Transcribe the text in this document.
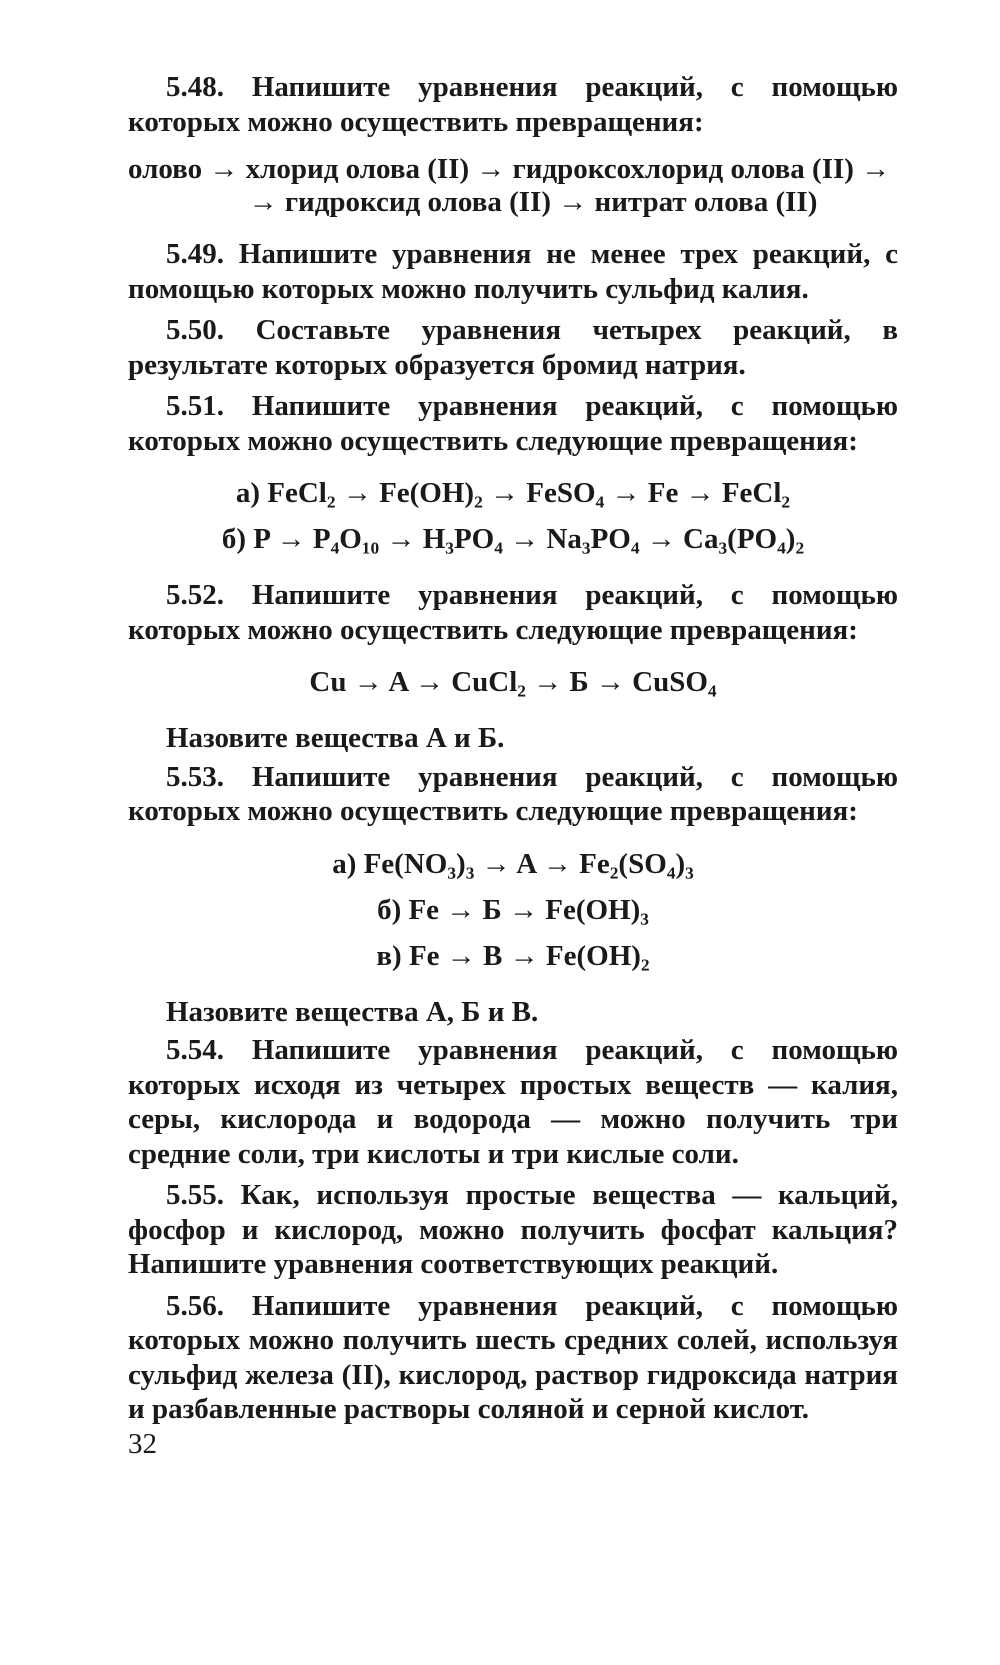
5.48. Напишите уравнения реакций, с помощью которых можно осуществить превращения:

олово → хлорид олова (II) → гидроксохлорид олова (II) →
→ гидроксид олова (II) → нитрат олова (II)

5.49. Напишите уравнения не менее трех реакций, с помощью которых можно получить сульфид калия.

5.50. Составьте уравнения четырех реакций, в результате которых образуется бромид натрия.

5.51. Напишите уравнения реакций, с помощью которых можно осуществить следующие превращения:

а) FeCl₂ → Fe(OH)₂ → FeSO₄ → Fe → FeCl₂

б) P → P₄O₁₀ → H₃PO₄ → Na₃PO₄ → Ca₃(PO₄)₂

5.52. Напишите уравнения реакций, с помощью которых можно осуществить следующие превращения:

Cu → A → CuCl₂ → Б → CuSO₄

Назовите вещества А и Б.

5.53. Напишите уравнения реакций, с помощью которых можно осуществить следующие превращения:

а) Fe(NO₃)₃ → A → Fe₂(SO₄)₃

б) Fe → Б → Fe(OH)₃

в) Fe → B → Fe(OH)₂

Назовите вещества А, Б и В.

5.54. Напишите уравнения реакций, с помощью которых исходя из четырех простых веществ — калия, серы, кислорода и водорода — можно получить три средние соли, три кислоты и три кислые соли.

5.55. Как, используя простые вещества — кальций, фосфор и кислород, можно получить фосфат кальция? Напишите уравнения соответствующих реакций.

5.56. Напишите уравнения реакций, с помощью которых можно получить шесть средних солей, используя сульфид железа (II), кислород, раствор гидроксида натрия и разбавленные растворы соляной и серной кислот.

32
